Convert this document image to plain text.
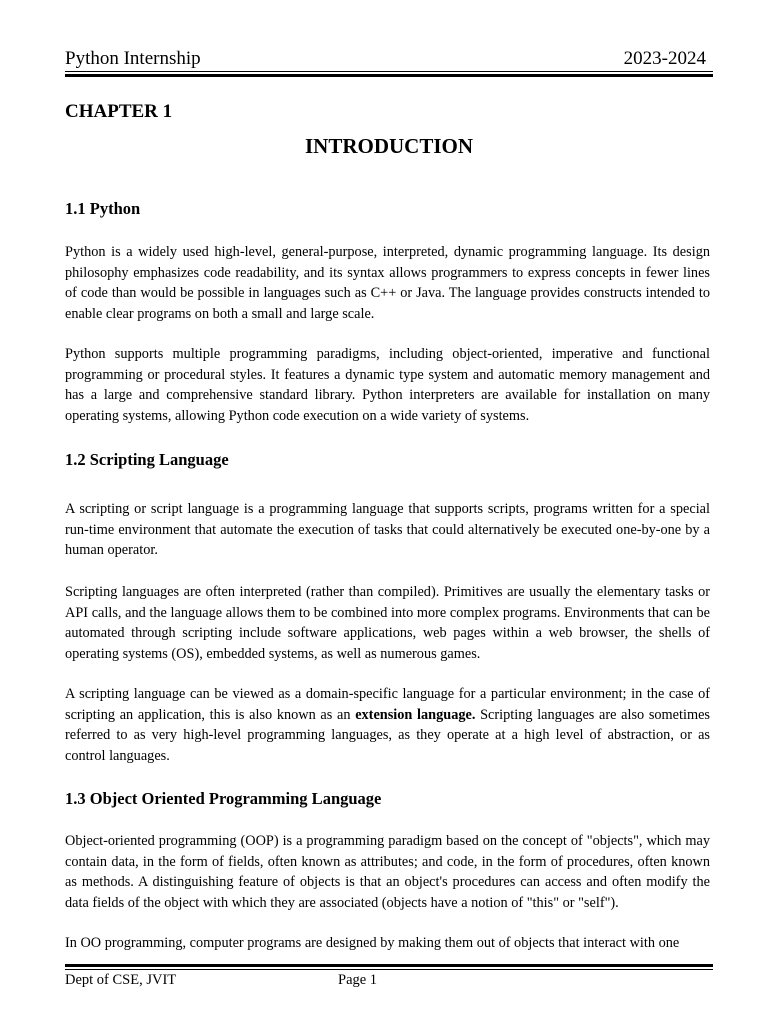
Python Internship	2023-2024
CHAPTER 1
INTRODUCTION
1.1 Python
Python is a widely used high-level, general-purpose, interpreted, dynamic programming language. Its design philosophy emphasizes code readability, and its syntax allows programmers to express concepts in fewer lines of code than would be possible in languages such as C++ or Java. The language provides constructs intended to enable clear programs on both a small and large scale.
Python supports multiple programming paradigms, including object-oriented, imperative and functional programming or procedural styles. It features a dynamic type system and automatic memory management and has a large and comprehensive standard library. Python interpreters are available for installation on many operating systems, allowing Python code execution on a wide variety of systems.
1.2 Scripting Language
A scripting or script language is a programming language that supports scripts, programs written for a special run-time environment that automate the execution of tasks that could alternatively be executed one-by-one by a human operator.
Scripting languages are often interpreted (rather than compiled). Primitives are usually the elementary tasks or API calls, and the language allows them to be combined into more complex programs. Environments that can be automated through scripting include software applications, web pages within a web browser, the shells of operating systems (OS), embedded systems, as well as numerous games.
A scripting language can be viewed as a domain-specific language for a particular environment; in the case of scripting an application, this is also known as an extension language. Scripting languages are also sometimes referred to as very high-level programming languages, as they operate at a high level of abstraction, or as control languages.
1.3 Object Oriented Programming Language
Object-oriented programming (OOP) is a programming paradigm based on the concept of "objects", which may contain data, in the form of fields, often known as attributes; and code, in the form of procedures, often known as methods. A distinguishing feature of objects is that an object's procedures can access and often modify the data fields of the object with which they are associated (objects have a notion of "this" or "self").
In OO programming, computer programs are designed by making them out of objects that interact with one
Dept of CSE, JVIT	Page 1
